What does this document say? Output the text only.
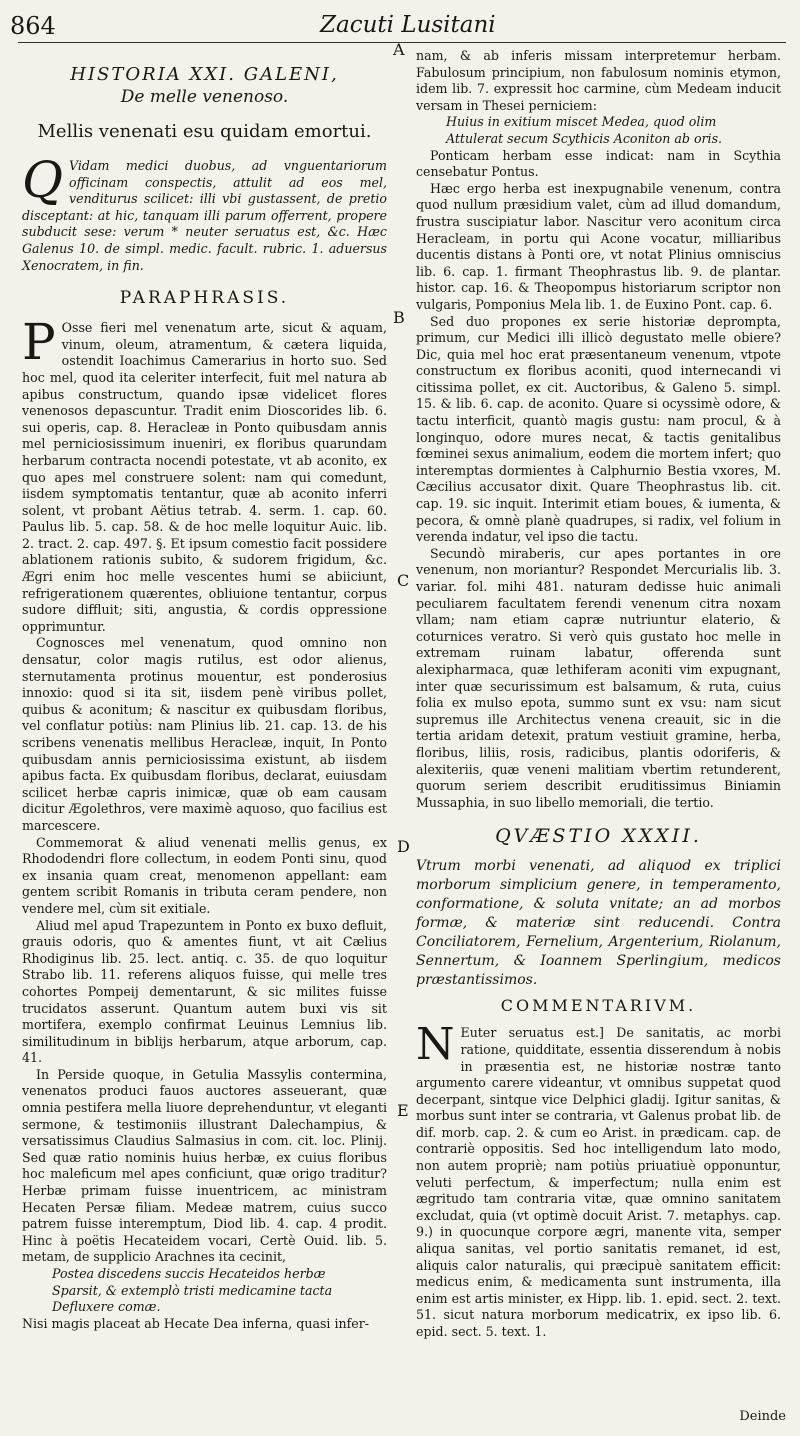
864	Zacuti Lusitani
HISTORIA XXI. GALENI,
De melle venenoso.
Mellis venenati esu quidam emortui.

Q Vidam medici duobus, ad vnguentariorum officinam conspectis, attulit ad eos mel, venditurus scilicet: illi vbi gustassent, de pretio disceptant: at hic, tanquam illi parum offerrent, propere subducit sese: verum * neuter seruatus est, &c. Hæc Galenus 10. de simpl. medic. facult. rubric. 1. aduersus Xenocratem, in fin.

PARAPHRASIS.

P Osse fieri mel venenatum arte, sicut & aquam, vinum, oleum, atramentum, & cætera liquida, ostendit Ioachimus Camerarius in horto suo. Sed hoc mel, quod ita celeriter interfecit, fuit mel natura ab apibus constructum, quando ipsæ videlicet flores venenosos depascuntur. Tradit enim Dioscorides lib. 6. sui operis, cap. 8. Heracleæ in Ponto quibusdam annis mel perniciosissimum inueniri, ex floribus quarundam herbarum contracta nocendi potestate, vt ab aconito, ex quo apes mel construere solent: nam qui comedunt, iisdem symptomatis tentantur, quæ ab aconito inferri solent, vt probant Aëtius tetrab. 4. serm. 1. cap. 60. Paulus lib. 5. cap. 58. & de hoc melle loquitur Auic. lib. 2. tract. 2. cap. 497. §. Et ipsum comestio facit possidere ablationem rationis subito, & sudorem frigidum, &c. Ægri enim hoc melle vescentes humi se abiiciunt, refrigerationem quærentes, obliuione tentantur, corpus sudore diffluit; siti, angustia, & cordis oppressione opprimuntur.

Cognosces mel venenatum, quod omnino non densatur, color magis rutilus, est odor alienus, sternutamenta protinus mouentur, est ponderosius innoxio: quod si ita sit, iisdem penè viribus pollet, quibus & aconitum; & nascitur ex quibusdam floribus, vel conflatur potiùs: nam Plinius lib. 21. cap. 13. de his scribens venenatis mellibus Heracleæ, inquit, In Ponto quibusdam annis perniciosissima existunt, ab iisdem apibus facta. Ex quibusdam floribus, declarat, euiusdam scilicet herbæ capris inimicæ, quæ ob eam causam dicitur Ægolethros, vere maximè aquoso, quo facilius est marcescere.

Commemorat & aliud venenati mellis genus, ex Rhododendri flore collectum, in eodem Ponti sinu, quod ex insania quam creat, menomenon appellant: eam gentem scribit Romanis in tributa ceram pendere, non vendere mel, cùm sit exitiale.

Aliud mel apud Trapezuntem in Ponto ex buxo defluit, grauis odoris, quo & amentes fiunt, vt ait Cælius Rhodiginus lib. 25. lect. antiq. c. 35. de quo loquitur Strabo lib. 11. referens aliquos fuisse, qui melle tres cohortes Pompeij dementarunt, & sic milites fuisse trucidatos asserunt. Quantum autem buxi vis sit mortifera, exemplo confirmat Leuinus Lemnius lib. similitudinum in biblijs herbarum, atque arborum, cap. 41.

In Perside quoque, in Getulia Massylis contermina, venenatos produci fauos auctores asseuerant, quæ omnia pestifera mella liuore deprehenduntur, vt eleganti sermone, & testimoniis illustrant Dalechampius, & versatissimus Claudius Salmasius in com. cit. loc. Plinij. Sed quæ ratio nominis huius herbæ, ex cuius floribus hoc maleficum mel apes conficiunt, quæ origo traditur? Herbæ primam fuisse inuentricem, ac ministram Hecaten Persæ filiam. Medeæ matrem, cuius succo patrem fuisse interemptum, Diod lib. 4. cap. 4 prodit. Hinc à poëtis Hecateidem vocari, Certè Ouid. lib. 5. metam, de supplicio Arachnes ita cecinit,

Postea discedens succis Hecateidos herbæ
Sparsit, & extemplò tristi medicamine tacta
Defluxere comæ.

Nisi magis placeat ab Hecate Dea inferna, quasi infer-

A
B
C
D
E

nam, & ab inferis missam interpretemur herbam. Fabulosum principium, non fabulosum nominis etymon, idem lib. 7. expressit hoc carmine, cùm Medeam inducit versam in Thesei perniciem:

Huius in exitium miscet Medea, quod olim
Attulerat secum Scythicis Aconiton ab oris.

Ponticam herbam esse indicat: nam in Scythia censebatur Pontus.

Hæc ergo herba est inexpugnabile venenum, contra quod nullum præsidium valet, cùm ad illud domandum, frustra suscipiatur labor. Nascitur vero aconitum circa Heracleam, in portu qui Acone vocatur, milliaribus ducentis distans à Ponti ore, vt notat Plinius omniscius lib. 6. cap. 1. firmant Theophrastus lib. 9. de plantar. histor. cap. 16. & Theopompus historiarum scriptor non vulgaris, Pomponius Mela lib. 1. de Euxino Pont. cap. 6.

Sed duo propones ex serie historiæ deprompta, primum, cur Medici illi illicò degustato melle obiere? Dic, quia mel hoc erat præsentaneum venenum, vtpote constructum ex floribus aconiti, quod internecandi vi citissima pollet, ex cit. Auctoribus, & Galeno 5. simpl. 15. & lib. 6. cap. de aconito. Quare si ocyssimè odore, & tactu interficit, quantò magis gustu: nam procul, & à longinquo, odore mures necat, & tactis genitalibus fœminei sexus animalium, eodem die mortem infert; quo interemptas dormientes à Calphurnio Bestia vxores, M. Cæcilius accusator dixit. Quare Theophrastus lib. cit. cap. 19. sic inquit. Interimit etiam boues, & iumenta, & pecora, & omnè planè quadrupes, si radix, vel folium in verenda indatur, vel ipso die tactu.

Secundò miraberis, cur apes portantes in ore venenum, non moriantur? Respondet Mercurialis lib. 3. variar. fol. mihi 481. naturam dedisse huic animali peculiarem facultatem ferendi venenum citra noxam vllam; nam etiam capræ nutriuntur elaterio, & coturnices veratro. Si verò quis gustato hoc melle in extremam ruinam labatur, offerenda sunt alexipharmaca, quæ lethiferam aconiti vim expugnant, inter quæ securissimum est balsamum, & ruta, cuius folia ex mulso epota, summo sunt ex vsu: nam sicut supremus ille Architectus venena creauit, sic in die tertia aridam detexit, pratum vestiuit gramine, herba, floribus, liliis, rosis, radicibus, plantis odoriferis, & alexiteriis, quæ veneni malitiam vbertim retunderent, quorum seriem describit eruditissimus Biniamin Mussaphia, in suo libello memoriali, die tertio.

QVÆSTIO XXXII.
Vtrum morbi venenati, ad aliquod ex triplici morborum simplicium genere, in temperamento, conformatione, & soluta vnitate; an ad morbos formæ, & materiæ sint reducendi. Contra Conciliatorem, Fernelium, Argenterium, Riolanum, Sennertum, & Ioannem Sperlingium, medicos præstantissimos.
COMMENTARIVM.

N Euter seruatus est.] De sanitatis, ac morbi ratione, quidditate, essentia disserendum à nobis in præsentia est, ne historiæ nostræ tanto argumento carere videantur, vt omnibus suppetat quod decerpant, sintque vice Delphici gladij. Igitur sanitas, & morbus sunt inter se contraria, vt Galenus probat lib. de dif. morb. cap. 2. & cum eo Arist. in prædicam. cap. de contrariè oppositis. Sed hoc intelligendum lato modo, non autem propriè; nam potiùs priuatiuè opponuntur, veluti perfectum, & imperfectum; nulla enim est ægritudo tam contraria vitæ, quæ omnino sanitatem excludat, quia (vt optimè docuit Arist. 7. metaphys. cap. 9.) in quocunque corpore ægri, manente vita, semper aliqua sanitas, vel portio sanitatis remanet, id est, aliquis calor naturalis, qui præcipuè sanitatem efficit: medicus enim, & medicamenta sunt instrumenta, illa enim est artis minister, ex Hipp. lib. 1. epid. sect. 2. text. 51. sicut natura morborum medicatrix, ex ipso lib. 6. epid. sect. 5. text. 1.

Deinde
